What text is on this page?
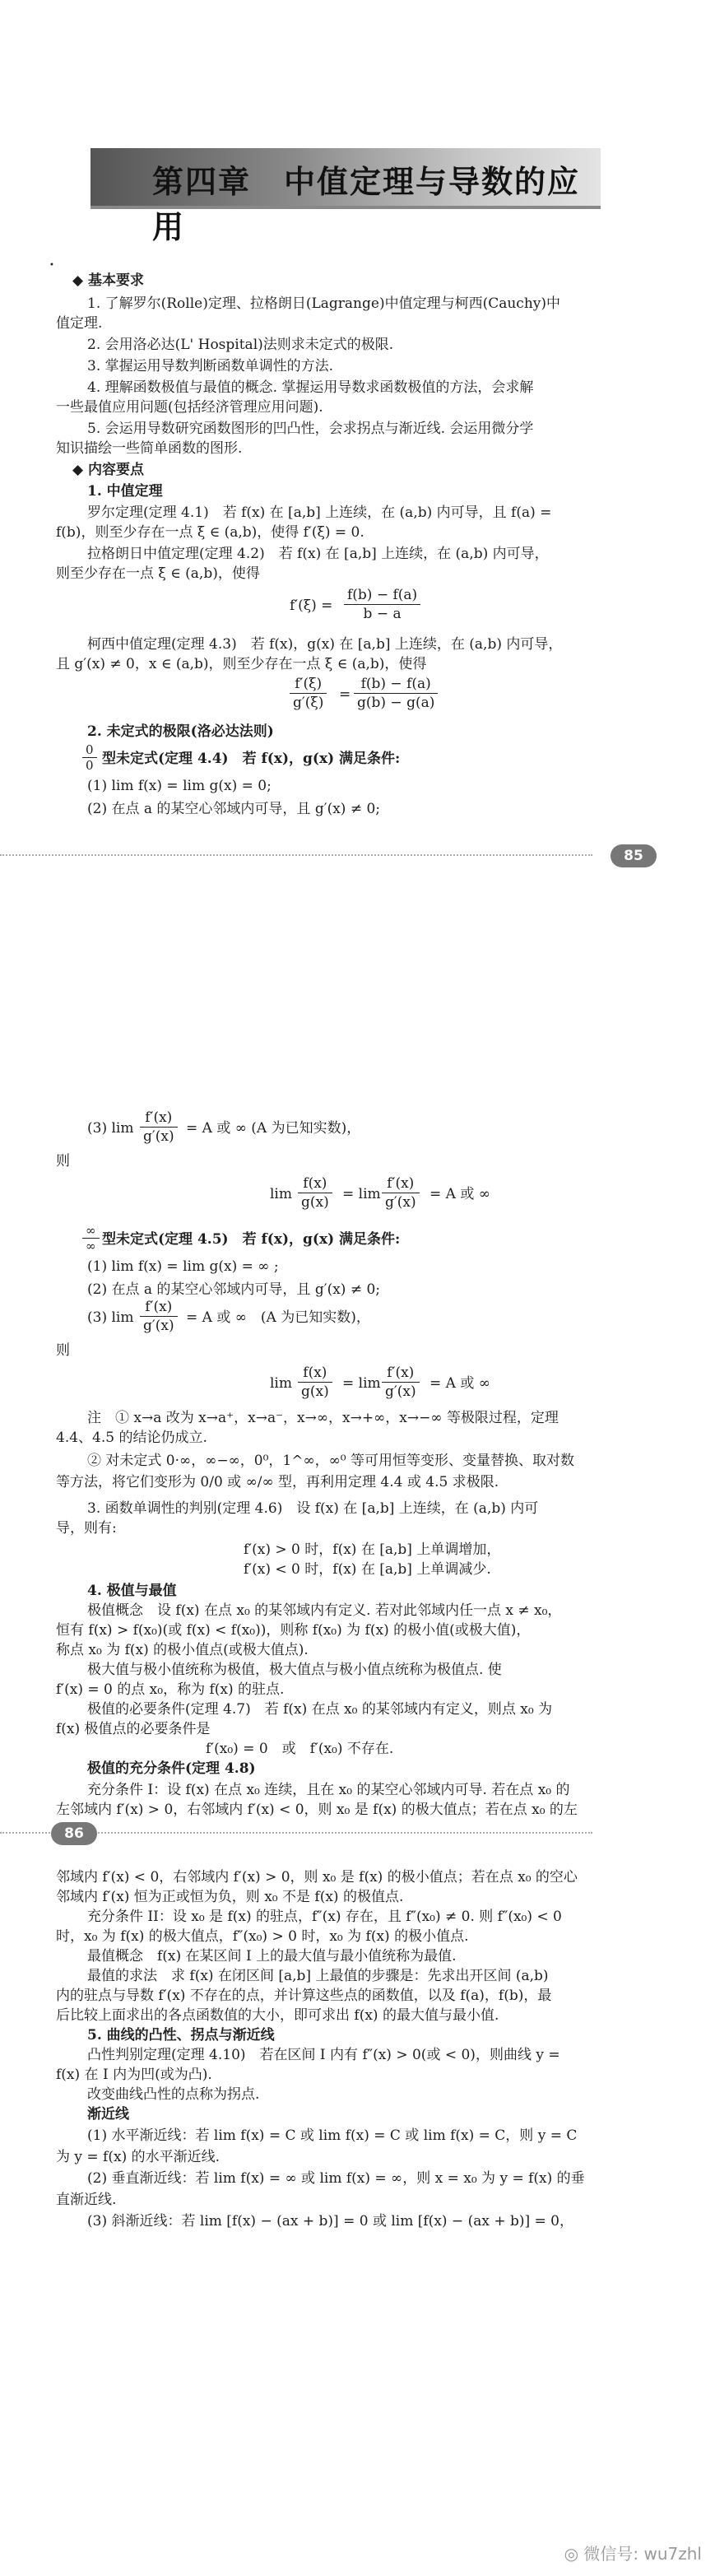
第四章　中值定理与导数的应用
•
◆ 基本要求
1. 了解罗尔(Rolle)定理、拉格朗日(Lagrange)中值定理与柯西(Cauchy)中
值定理.
2. 会用洛必达(L' Hospital)法则求未定式的极限.
3. 掌握运用导数判断函数单调性的方法.
4. 理解函数极值与最值的概念. 掌握运用导数求函数极值的方法，会求解
一些最值应用问题(包括经济管理应用问题).
5. 会运用导数研究函数图形的凹凸性，会求拐点与渐近线. 会运用微分学
知识描绘一些简单函数的图形.
◆ 内容要点
1. 中值定理
罗尔定理(定理 4.1)　若 f(x) 在 [a,b] 上连续，在 (a,b) 内可导，且 f(a) =
f(b)，则至少存在一点 ξ ∈ (a,b)，使得 f′(ξ) = 0.
拉格朗日中值定理(定理 4.2)　若 f(x) 在 [a,b] 上连续，在 (a,b) 内可导，
则至少存在一点 ξ ∈ (a,b)，使得
$f'(\xi) = \frac{f(b) - f(a)}{b - a}$
柯西中值定理(定理 4.3)　若 f(x)，g(x) 在 [a,b] 上连续，在 (a,b) 内可导，
且 g′(x) ≠ 0，x ∈ (a,b)，则至少存在一点 ξ ∈ (a,b)，使得
$\frac{f'(\xi)}{g'(\xi)} = \frac{f(b) - f(a)}{g(b) - g(a)}$
2. 未定式的极限(洛必达法则)
$\frac{0}{0}$ 型未定式(定理 4.4)　若 f(x)，g(x) 满足条件:
(1) lim f(x) = lim g(x) = 0;
(2) 在点 a 的某空心邻域内可导，且 g′(x) ≠ 0;
85
(3) $\lim \frac{f'(x)}{g'(x)} = A$ 或 ∞ (A 为已知实数)，
则
$\lim \frac{f(x)}{g(x)} = \lim \frac{f'(x)}{g'(x)} = A$ 或 ∞
∞
∞ 型未定式(定理 4.5)　若 f(x)，g(x) 满足条件:
(1) lim f(x) = lim g(x) = ∞ ;
(2) 在点 a 的某空心邻域内可导，且 g′(x) ≠ 0;
(3) $\lim \frac{f'(x)}{g'(x)} = A$ 或 ∞　(A 为已知实数)，
则
$\lim \frac{f(x)}{g(x)} = \lim \frac{f'(x)}{g'(x)} = A$ 或 ∞
注　① x→a 改为 x→a⁺，x→a⁻，x→∞，x→+∞，x→−∞ 等极限过程，定理
4.4、4.5 的结论仍成立.
② 对未定式 0·∞，∞−∞，0⁰，1^∞，∞⁰ 等可用恒等变形、变量替换、取对数
等方法，将它们变形为 0/0 或 ∞/∞ 型，再利用定理 4.4 或 4.5 求极限.
3. 函数单调性的判别(定理 4.6)　设 f(x) 在 [a,b] 上连续，在 (a,b) 内可
导，则有:
f′(x) > 0 时，f(x) 在 [a,b] 上单调增加，
f′(x) < 0 时，f(x) 在 [a,b] 上单调减少.
4. 极值与最值
极值概念　设 f(x) 在点 x₀ 的某邻域内有定义. 若对此邻域内任一点 x ≠ x₀，
恒有 f(x) > f(x₀)(或 f(x) < f(x₀))，则称 f(x₀) 为 f(x) 的极小值(或极大值)，
称点 x₀ 为 f(x) 的极小值点(或极大值点).
极大值与极小值统称为极值，极大值点与极小值点统称为极值点. 使
f′(x) = 0 的点 x₀，称为 f(x) 的驻点.
极值的必要条件(定理 4.7)　若 f(x) 在点 x₀ 的某邻域内有定义，则点 x₀ 为
f(x) 极值点的必要条件是
f′(x₀) = 0　或　f′(x₀) 不存在.
极值的充分条件(定理 4.8)
充分条件 I：设 f(x) 在点 x₀ 连续，且在 x₀ 的某空心邻域内可导. 若在点 x₀ 的
左邻域内 f′(x) > 0，右邻域内 f′(x) < 0，则 x₀ 是 f(x) 的极大值点；若在点 x₀ 的左
86
邻域内 f′(x) < 0，右邻域内 f′(x) > 0，则 x₀ 是 f(x) 的极小值点；若在点 x₀ 的空心
邻域内 f′(x) 恒为正或恒为负，则 x₀ 不是 f(x) 的极值点.
充分条件 II：设 x₀ 是 f(x) 的驻点，f″(x) 存在，且 f″(x₀) ≠ 0. 则 f″(x₀) < 0
时，x₀ 为 f(x) 的极大值点，f″(x₀) > 0 时，x₀ 为 f(x) 的极小值点.
最值概念　f(x) 在某区间 I 上的最大值与最小值统称为最值.
最值的求法　求 f(x) 在闭区间 [a,b] 上最值的步骤是：先求出开区间 (a,b)
内的驻点与导数 f′(x) 不存在的点，并计算这些点的函数值，以及 f(a)，f(b)，最
后比较上面求出的各点函数值的大小，即可求出 f(x) 的最大值与最小值.
5. 曲线的凸性、拐点与渐近线
凸性判别定理(定理 4.10)　若在区间 I 内有 f″(x) > 0(或 < 0)，则曲线 y =
f(x) 在 I 内为凹(或为凸).
改变曲线凸性的点称为拐点.
渐近线
(1) 水平渐近线：若 lim f(x) = C 或 lim f(x) = C 或 lim f(x) = C，则 y = C
为 y = f(x) 的水平渐近线.
(2) 垂直渐近线：若 lim f(x) = ∞ 或 lim f(x) = ∞，则 x = x₀ 为 y = f(x) 的垂
直渐近线.
(3) 斜渐近线：若 lim [f(x) − (ax + b)] = 0 或 lim [f(x) − (ax + b)] = 0，
◎ 微信号: wu7zhl
